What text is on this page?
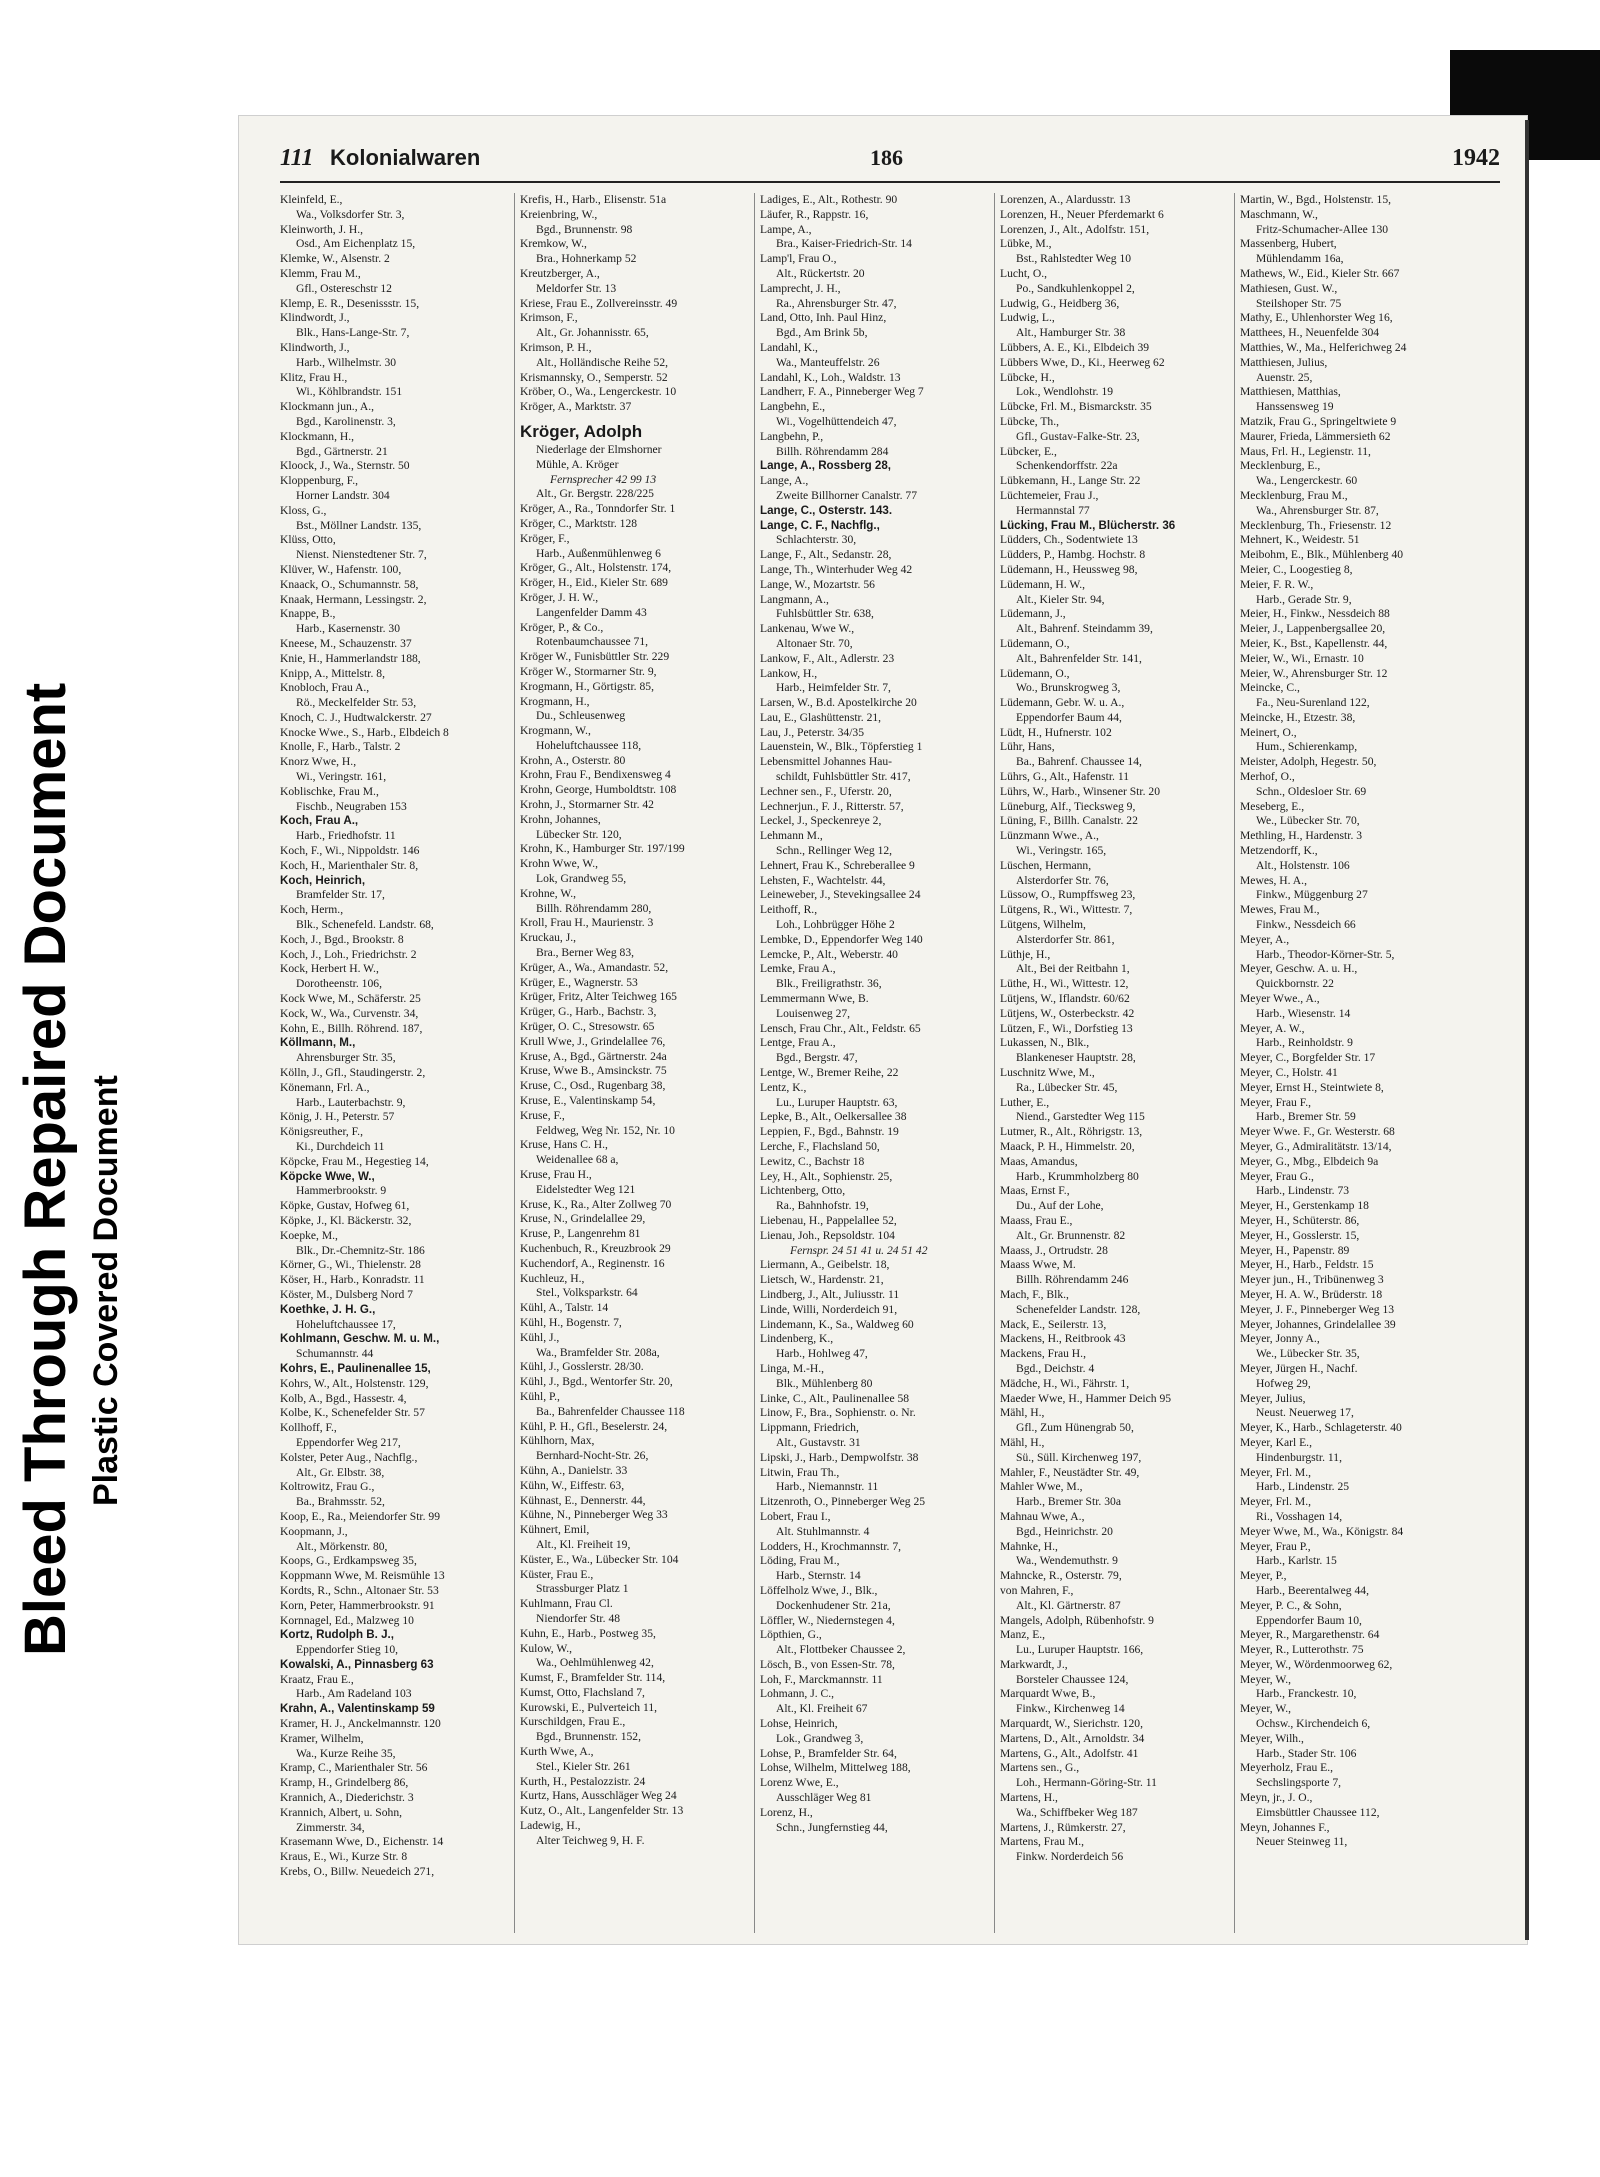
Bleed Through Repaired Document Plastic Covered Document
111 Kolonialwaren	186	1942
Kleinfeld, E.,
Wa., Volksdorfer Str. 3,
Kleinworth, J. H.,
Osd., Am Eichenplatz 15,
Klemke, W., Alsenstr. 2
Klemm, Frau M.,
Gfl., Ostereschstr 12
Klemp, E. R., Desenissstr. 15,
Klindwordt, J.,
Blk., Hans-Lange-Str. 7,
Klindworth, J.,
Harb., Wilhelmstr. 30
Klitz, Frau H.,
Wi., Köhlbrandstr. 151
Klockmann jun., A.,
Bgd., Karolinenstr. 3,
Klockmann, H.,
Bgd., Gärtnerstr. 21
Kloock, J., Wa., Sternstr. 50
Kloppenburg, F.,
Horner Landstr. 304
Kloss, G.,
Bst., Möllner Landstr. 135,
Klüss, Otto,
Nienst. Nienstedtener Str. 7,
Klüver, W., Hafenstr. 100,
Knaack, O., Schumannstr. 58,
Knaak, Hermann, Lessingstr. 2,
Knappe, B.,
Harb., Kasernenstr. 30
Kneese, M., Schauzenstr. 37
Knie, H., Hammerlandstr 188,
Knipp, A., Mittelstr. 8,
Knobloch, Frau A.,
Rö., Meckelfelder Str. 53,
Knoch, C. J., Hudtwalckerstr. 27
Knocke Wwe., S., Harb., Elbdeich 8
Knolle, F., Harb., Talstr. 2
Knorz Wwe, H.,
Wi., Veringstr. 161,
Koblischke, Frau M.,
Fischb., Neugraben 153
Koch, Frau A.,
Harb., Friedhofstr. 11
Koch, F., Wi., Nippoldstr. 146
Koch, H., Marienthaler Str. 8,
Koch, Heinrich,
Bramfelder Str. 17,
Koch, Herm.,
Blk., Schenefeld. Landstr. 68,
Koch, J., Bgd., Brookstr. 8
Koch, J., Loh., Friedrichstr. 2
Kock, Herbert H. W.,
Dorotheenstr. 106,
Kock Wwe, M., Schäferstr. 25
Kock, W., Wa., Curvenstr. 34,
Kohn, E., Billh. Röhrend. 187,
Köllmann, M.,
Ahrensburger Str. 35,
Kölln, J., Gfl., Staudingerstr. 2,
Könemann, Frl. A.,
Harb., Lauterbachstr. 9,
König, J. H., Peterstr. 57
Königsreuther, F.,
Ki., Durchdeich 11
Köpcke, Frau M., Hegestieg 14,
Köpcke Wwe, W.,
Hammerbrookstr. 9
Köpke, Gustav, Hofweg 61,
Köpke, J., Kl. Bäckerstr. 32,
Koepke, M.,
Blk., Dr.-Chemnitz-Str. 186
Körner, G., Wi., Thielenstr. 28
Köser, H., Harb., Konradstr. 11
Köster, M., Dulsberg Nord 7
Koethke, J. H. G.,
Hoheluftchaussee 17,
Kohlmann, Geschw. M. u. M.,
Schumannstr. 44
Kohrs, E., Paulinenallee 15,
Kohrs, W., Alt., Holstenstr. 129,
Kolb, A., Bgd., Hassestr. 4,
Kolbe, K., Schenefelder Str. 57
Kollhoff, F.,
Eppendorfer Weg 217,
Kolster, Peter Aug., Nachflg.,
Alt., Gr. Elbstr. 38,
Koltrowitz, Frau G.,
Ba., Brahmsstr. 52,
Koop, E., Ra., Meiendorfer Str. 99
Koopmann, J.,
Alt., Mörkenstr. 80,
Koops, G., Erdkampsweg 35,
Koppmann Wwe, M. Reismühle 13
Kordts, R., Schn., Altonaer Str. 53
Korn, Peter, Hammerbrookstr. 91
Kornnagel, Ed., Malzweg 10
Kortz, Rudolph B. J.,
Eppendorfer Stieg 10,
Kowalski, A., Pinnasberg 63
Kraatz, Frau E.,
Harb., Am Radeland 103
Krahn, A., Valentinskamp 59
Kramer, H. J., Anckelmannstr. 120
Kramer, Wilhelm,
Wa., Kurze Reihe 35,
Kramp, C., Marienthaler Str. 56
Kramp, H., Grindelberg 86,
Krannich, A., Diederichstr. 3
Krannich, Albert, u. Sohn,
Zimmerstr. 34,
Krasemann Wwe, D., Eichenstr. 14
Kraus, E., Wi., Kurze Str. 8
Krebs, O., Billw. Neuedeich 271,
Krefis, H., Harb., Elisenstr. 51a
Kreienbring, W.,
Bgd., Brunnenstr. 98
Kremkow, W.,
Bra., Hohnerkamp 52
Kreutzberger, A.,
Meldorfer Str. 13
Kriese, Frau E., Zollvereinsstr. 49
Krimson, F.,
Alt., Gr. Johannisstr. 65,
Krimson, P. H.,
Alt., Holländische Reihe 52,
Krismannsky, O., Semperstr. 52
Kröber, O., Wa., Lengerckestr. 10
Kröger, A., Marktstr. 37
Kröger, Adolph
Niederlage der Elmshorner
Mühle, A. Kröger
Fernsprecher 42 99 13
Alt., Gr. Bergstr. 228/225
Kröger, A., Ra., Tonndorfer Str. 1
Kröger, C., Marktstr. 128
Kröger, F.,
Harb., Außenmühlenweg 6
Kröger, G., Alt., Holstenstr. 174,
Kröger, H., Eid., Kieler Str. 689
Kröger, J. H. W.,
Langenfelder Damm 43
Kröger, P., & Co.,
Rotenbaumchaussee 71,
Kröger W., Funisbüttler Str. 229
Kröger W., Stormarner Str. 9,
Krogmann, H., Görtigstr. 85,
Krogmann, H.,
Du., Schleusenweg
Krogmann, W.,
Hoheluftchaussee 118,
Krohn, A., Osterstr. 80
Krohn, Frau F., Bendixensweg 4
Krohn, George, Humboldtstr. 108
Krohn, J., Stormarner Str. 42
Krohn, Johannes,
Lübecker Str. 120,
Krohn, K., Hamburger Str. 197/199
Krohn Wwe, W.,
Lok, Grandweg 55,
Krohne, W.,
Billh. Röhrendamm 280,
Kroll, Frau H., Maurienstr. 3
Kruckau, J.,
Bra., Berner Weg 83,
Krüger, A., Wa., Amandastr. 52,
Krüger, E., Wagnerstr. 53
Krüger, Fritz, Alter Teichweg 165
Krüger, G., Harb., Bachstr. 3,
Krüger, O. C., Stresowstr. 65
Krull Wwe, J., Grindelallee 76,
Kruse, A., Bgd., Gärtnerstr. 24a
Kruse, Wwe B., Amsinckstr. 75
Kruse, C., Osd., Rugenbarg 38,
Kruse, E., Valentinskamp 54,
Kruse, F.,
Feldweg, Weg Nr. 152, Nr. 10
Kruse, Hans C. H.,
Weidenallee 68 a,
Kruse, Frau H.,
Eidelstedter Weg 121
Kruse, K., Ra., Alter Zollweg 70
Kruse, N., Grindelallee 29,
Kruse, P., Langenrehm 81
Kuchenbuch, R., Kreuzbrook 29
Kuchendorf, A., Reginenstr. 16
Kuchleuz, H.,
Stel., Volksparkstr. 64
Kühl, A., Talstr. 14
Kühl, H., Bogenstr. 7,
Kühl, J.,
Wa., Bramfelder Str. 208a,
Kühl, J., Gosslerstr. 28/30.
Kühl, J., Bgd., Wentorfer Str. 20,
Kühl, P.,
Ba., Bahrenfelder Chaussee 118
Kühl, P. H., Gfl., Beselerstr. 24,
Kühlhorn, Max,
Bernhard-Nocht-Str. 26,
Kühn, A., Danielstr. 33
Kühn, W., Eiffestr. 63,
Kühnast, E., Dennerstr. 44,
Kühne, N., Pinneberger Weg 33
Kühnert, Emil,
Alt., Kl. Freiheit 19,
Küster, E., Wa., Lübecker Str. 104
Küster, Frau E.,
Strassburger Platz 1
Kuhlmann, Frau Cl.
Niendorfer Str. 48
Kuhn, E., Harb., Postweg 35,
Kulow, W.,
Wa., Oehlmühlenweg 42,
Kumst, F., Bramfelder Str. 114,
Kumst, Otto, Flachsland 7,
Kurowski, E., Pulverteich 11,
Kurschildgen, Frau E.,
Bgd., Brunnenstr. 152,
Kurth Wwe, A.,
Stel., Kieler Str. 261
Kurth, H., Pestalozzistr. 24
Kurtz, Hans, Ausschläger Weg 24
Kutz, O., Alt., Langenfelder Str. 13
Ladewig, H.,
Alter Teichweg 9, H. F.
Ladiges, E., Alt., Rothestr. 90
Läufer, R., Rappstr. 16,
Lampe, A.,
Bra., Kaiser-Friedrich-Str. 14
Lamp'l, Frau O.,
Alt., Rückertstr. 20
Lamprecht, J. H.,
Ra., Ahrensburger Str. 47,
Land, Otto, Inh. Paul Hinz,
Bgd., Am Brink 5b,
Landahl, K.,
Wa., Manteuffelstr. 26
Landahl, K., Loh., Waldstr. 13
Landherr, F. A., Pinneberger Weg 7
Langbehn, E.,
Wi., Vogelhüttendeich 47,
Langbehn, P.,
Billh. Röhrendamm 284
Lange, A., Rossberg 28,
Lange, A.,
Zweite Billhorner Canalstr. 77
Lange, C., Osterstr. 143.
Lange, C. F., Nachflg.,
Schlachterstr. 30,
Lange, F., Alt., Sedanstr. 28,
Lange, Th., Winterhuder Weg 42
Lange, W., Mozartstr. 56
Langmann, A.,
Fuhlsbüttler Str. 638,
Lankenau, Wwe W.,
Altonaer Str. 70,
Lankow, F., Alt., Adlerstr. 23
Lankow, H.,
Harb., Heimfelder Str. 7,
Larsen, W., B.d. Apostelkirche 20
Lau, E., Glashüttenstr. 21,
Lau, J., Peterstr. 34/35
Lauenstein, W., Blk., Töpferstieg 1
Lebensmittel Johannes Hau-
schildt, Fuhlsbüttler Str. 417,
Lechner sen., F., Uferstr. 20,
Lechnerjun., F. J., Ritterstr. 57,
Leckel, J., Speckenreye 2,
Lehmann M.,
Schn., Rellinger Weg 12,
Lehnert, Frau K., Schreberallee 9
Lehsten, F., Wachtelstr. 44,
Leineweber, J., Stevekingsallee 24
Leithoff, R.,
Loh., Lohbrügger Höhe 2
Lembke, D., Eppendorfer Weg 140
Lemcke, P., Alt., Weberstr. 40
Lemke, Frau A.,
Blk., Freiligrathstr. 36,
Lemmermann Wwe, B.
Louisenweg 27,
Lensch, Frau Chr., Alt., Feldstr. 65
Lentge, Frau A.,
Bgd., Bergstr. 47,
Lentge, W., Bremer Reihe, 22
Lentz, K.,
Lu., Luruper Hauptstr. 63,
Lepke, B., Alt., Oelkersallee 38
Leppien, F., Bgd., Bahnstr. 19
Lerche, F., Flachsland 50,
Lewitz, C., Bachstr 18
Ley, H., Alt., Sophienstr. 25,
Lichtenberg, Otto,
Ra., Bahnhofstr. 19,
Liebenau, H., Pappelallee 52,
Lienau, Joh., Repsoldstr. 104
Fernspr. 24 51 41 u. 24 51 42
Liermann, A., Geibelstr. 18,
Lietsch, W., Hardenstr. 21,
Lindberg, J., Alt., Juliusstr. 11
Linde, Willi, Norderdeich 91,
Lindemann, K., Sa., Waldweg 60
Lindenberg, K.,
Harb., Hohlweg 47,
Linga, M.-H.,
Blk., Mühlenberg 80
Linke, C., Alt., Paulinenallee 58
Linow, F., Bra., Sophienstr. o. Nr.
Lippmann, Friedrich,
Alt., Gustavstr. 31
Lipski, J., Harb., Dempwolfstr. 38
Litwin, Frau Th.,
Harb., Niemannstr. 11
Litzenroth, O., Pinneberger Weg 25
Lobert, Frau I.,
Alt. Stuhlmannstr. 4
Lodders, H., Krochmannstr. 7,
Löding, Frau M.,
Harb., Sternstr. 14
Löffelholz Wwe, J., Blk.,
Dockenhudener Str. 21a,
Löffler, W., Niedernstegen 4,
Löpthien, G.,
Alt., Flottbeker Chaussee 2,
Lösch, B., von Essen-Str. 78,
Loh, F., Marckmannstr. 11
Lohmann, J. C.,
Alt., Kl. Freiheit 67
Lohse, Heinrich,
Lok., Grandweg 3,
Lohse, P., Bramfelder Str. 64,
Lohse, Wilhelm, Mittelweg 188,
Lorenz Wwe, E.,
Ausschläger Weg 81
Lorenz, H.,
Schn., Jungfernstieg 44,
Lorenzen, A., Alardusstr. 13
Lorenzen, H., Neuer Pferdemarkt 6
Lorenzen, J., Alt., Adolfstr. 151,
Lübke, M.,
Bst., Rahlstedter Weg 10
Lucht, O.,
Po., Sandkuhlenkoppel 2,
Ludwig, G., Heidberg 36,
Ludwig, L.,
Alt., Hamburger Str. 38
Lübbers, A. E., Ki., Elbdeich 39
Lübbers Wwe, D., Ki., Heerweg 62
Lübcke, H.,
Lok., Wendlohstr. 19
Lübcke, Frl. M., Bismarckstr. 35
Lübcke, Th.,
Gfl., Gustav-Falke-Str. 23,
Lübcker, E.,
Schenkendorffstr. 22a
Lübkemann, H., Lange Str. 22
Lüchtemeier, Frau J.,
Hermannstal 77
Lücking, Frau M., Blücherstr. 36
Lüdders, Ch., Sodentwiete 13
Lüdders, P., Hambg. Hochstr. 8
Lüdemann, H., Heussweg 98,
Lüdemann, H. W.,
Alt., Kieler Str. 94,
Lüdemann, J.,
Alt., Bahrenf. Steindamm 39,
Lüdemann, O.,
Alt., Bahrenfelder Str. 141,
Lüdemann, O.,
Wo., Brunskrogweg 3,
Lüdemann, Gebr. W. u. A.,
Eppendorfer Baum 44,
Lüdt, H., Hufnerstr. 102
Lühr, Hans,
Ba., Bahrenf. Chaussee 14,
Lührs, G., Alt., Hafenstr. 11
Lührs, W., Harb., Winsener Str. 20
Lüneburg, Alf., Tiecksweg 9,
Lüning, F., Billh. Canalstr. 22
Lünzmann Wwe., A.,
Wi., Veringstr. 165,
Lüschen, Hermann,
Alsterdorfer Str. 76,
Lüssow, O., Rumpffsweg 23,
Lütgens, R., Wi., Wittestr. 7,
Lütgens, Wilhelm,
Alsterdorfer Str. 861,
Lüthje, H.,
Alt., Bei der Reitbahn 1,
Lüthe, H., Wi., Wittestr. 12,
Lütjens, W., Iflandstr. 60/62
Lütjens, W., Osterbeckstr. 42
Lützen, F., Wi., Dorfstieg 13
Lukassen, N., Blk.,
Blankeneser Hauptstr. 28,
Luschnitz Wwe, M.,
Ra., Lübecker Str. 45,
Luther, E.,
Niend., Garstedter Weg 115
Lutmer, R., Alt., Röhrigstr. 13,
Maack, P. H., Himmelstr. 20,
Maas, Amandus,
Harb., Krummholzberg 80
Maas, Ernst F.,
Du., Auf der Lohe,
Maass, Frau E.,
Alt., Gr. Brunnenstr. 82
Maass, J., Ortrudstr. 28
Maass Wwe, M.
Billh. Röhrendamm 246
Mach, F., Blk.,
Schenefelder Landstr. 128,
Mack, E., Seilerstr. 13,
Mackens, H., Reitbrook 43
Mackens, Frau H.,
Bgd., Deichstr. 4
Mädche, H., Wi., Fährstr. 1,
Maeder Wwe, H., Hammer Deich 95
Mähl, H.,
Gfl., Zum Hünengrab 50,
Mähl, H.,
Sü., Süll. Kirchenweg 197,
Mahler, F., Neustädter Str. 49,
Mahler Wwe, M.,
Harb., Bremer Str. 30a
Mahnau Wwe, A.,
Bgd., Heinrichstr. 20
Mahnke, H.,
Wa., Wendemuthstr. 9
Mahncke, R., Osterstr. 79,
von Mahren, F.,
Alt., Kl. Gärtnerstr. 87
Mangels, Adolph, Rübenhofstr. 9
Manz, E.,
Lu., Luruper Hauptstr. 166,
Markwardt, J.,
Borsteler Chaussee 124,
Marquardt Wwe, B.,
Finkw., Kirchenweg 14
Marquardt, W., Sierichstr. 120,
Martens, D., Alt., Arnoldstr. 34
Martens, G., Alt., Adolfstr. 41
Martens sen., G.,
Loh., Hermann-Göring-Str. 11
Martens, H.,
Wa., Schiffbeker Weg 187
Martens, J., Rümkerstr. 27,
Martens, Frau M.,
Finkw. Norderdeich 56
Martin, W., Bgd., Holstenstr. 15,
Maschmann, W.,
Fritz-Schumacher-Allee 130
Massenberg, Hubert,
Mühlendamm 16a,
Mathews, W., Eid., Kieler Str. 667
Mathiesen, Gust. W.,
Steilshoper Str. 75
Mathy, E., Uhlenhorster Weg 16,
Matthees, H., Neuenfelde 304
Matthies, W., Ma., Helferichweg 24
Matthiesen, Julius,
Auenstr. 25,
Matthiesen, Matthias,
Hanssensweg 19
Matzik, Frau G., Springeltwiete 9
Maurer, Frieda, Lämmersieth 62
Maus, Frl. H., Legienstr. 11,
Mecklenburg, E.,
Wa., Lengerckestr. 60
Mecklenburg, Frau M.,
Wa., Ahrensburger Str. 87,
Mecklenburg, Th., Friesenstr. 12
Mehnert, K., Weidestr. 51
Meibohm, E., Blk., Mühlenberg 40
Meier, C., Loogestieg 8,
Meier, F. R. W.,
Harb., Gerade Str. 9,
Meier, H., Finkw., Nessdeich 88
Meier, J., Lappenbergsallee 20,
Meier, K., Bst., Kapellenstr. 44,
Meier, W., Wi., Ernastr. 10
Meier, W., Ahrensburger Str. 12
Meincke, C.,
Fa., Neu-Surenland 122,
Meincke, H., Etzestr. 38,
Meinert, O.,
Hum., Schierenkamp,
Meister, Adolph, Hegestr. 50,
Merhof, O.,
Schn., Oldesloer Str. 69
Meseberg, E.,
We., Lübecker Str. 70,
Methling, H., Hardenstr. 3
Metzendorff, K.,
Alt., Holstenstr. 106
Mewes, H. A.,
Finkw., Müggenburg 27
Mewes, Frau M.,
Finkw., Nessdeich 66
Meyer, A.,
Harb., Theodor-Körner-Str. 5,
Meyer, Geschw. A. u. H.,
Quickbornstr. 22
Meyer Wwe., A.,
Harb., Wiesenstr. 14
Meyer, A. W.,
Harb., Reinholdstr. 9
Meyer, C., Borgfelder Str. 17
Meyer, C., Holstr. 41
Meyer, Ernst H., Steintwiete 8,
Meyer, Frau F.,
Harb., Bremer Str. 59
Meyer Wwe. F., Gr. Westerstr. 68
Meyer, G., Admiralitätstr. 13/14,
Meyer, G., Mbg., Elbdeich 9a
Meyer, Frau G.,
Harb., Lindenstr. 73
Meyer, H., Gerstenkamp 18
Meyer, H., Schüterstr. 86,
Meyer, H., Gosslerstr. 15,
Meyer, H., Papenstr. 89
Meyer, H., Harb., Feldstr. 15
Meyer jun., H., Tribünenweg 3
Meyer, H. A. W., Brüderstr. 18
Meyer, J. F., Pinneberger Weg 13
Meyer, Johannes, Grindelallee 39
Meyer, Jonny A.,
We., Lübecker Str. 35,
Meyer, Jürgen H., Nachf.
Hofweg 29,
Meyer, Julius,
Neust. Neuerweg 17,
Meyer, K., Harb., Schlageterstr. 40
Meyer, Karl E.,
Hindenburgstr. 11,
Meyer, Frl. M.,
Harb., Lindenstr. 25
Meyer, Frl. M.,
Ri., Vosshagen 14,
Meyer Wwe, M., Wa., Königstr. 84
Meyer, Frau P.,
Harb., Karlstr. 15
Meyer, P.,
Harb., Beerentalweg 44,
Meyer, P. C., & Sohn,
Eppendorfer Baum 10,
Meyer, R., Margarethenstr. 64
Meyer, R., Lutterothstr. 75
Meyer, W., Wördenmoorweg 62,
Meyer, W.,
Harb., Franckestr. 10,
Meyer, W.,
Ochsw., Kirchendeich 6,
Meyer, Wilh.,
Harb., Stader Str. 106
Meyerholz, Frau E.,
Sechslingsporte 7,
Meyn, jr., J. O.,
Eimsbüttler Chaussee 112,
Meyn, Johannes F.,
Neuer Steinweg 11,
